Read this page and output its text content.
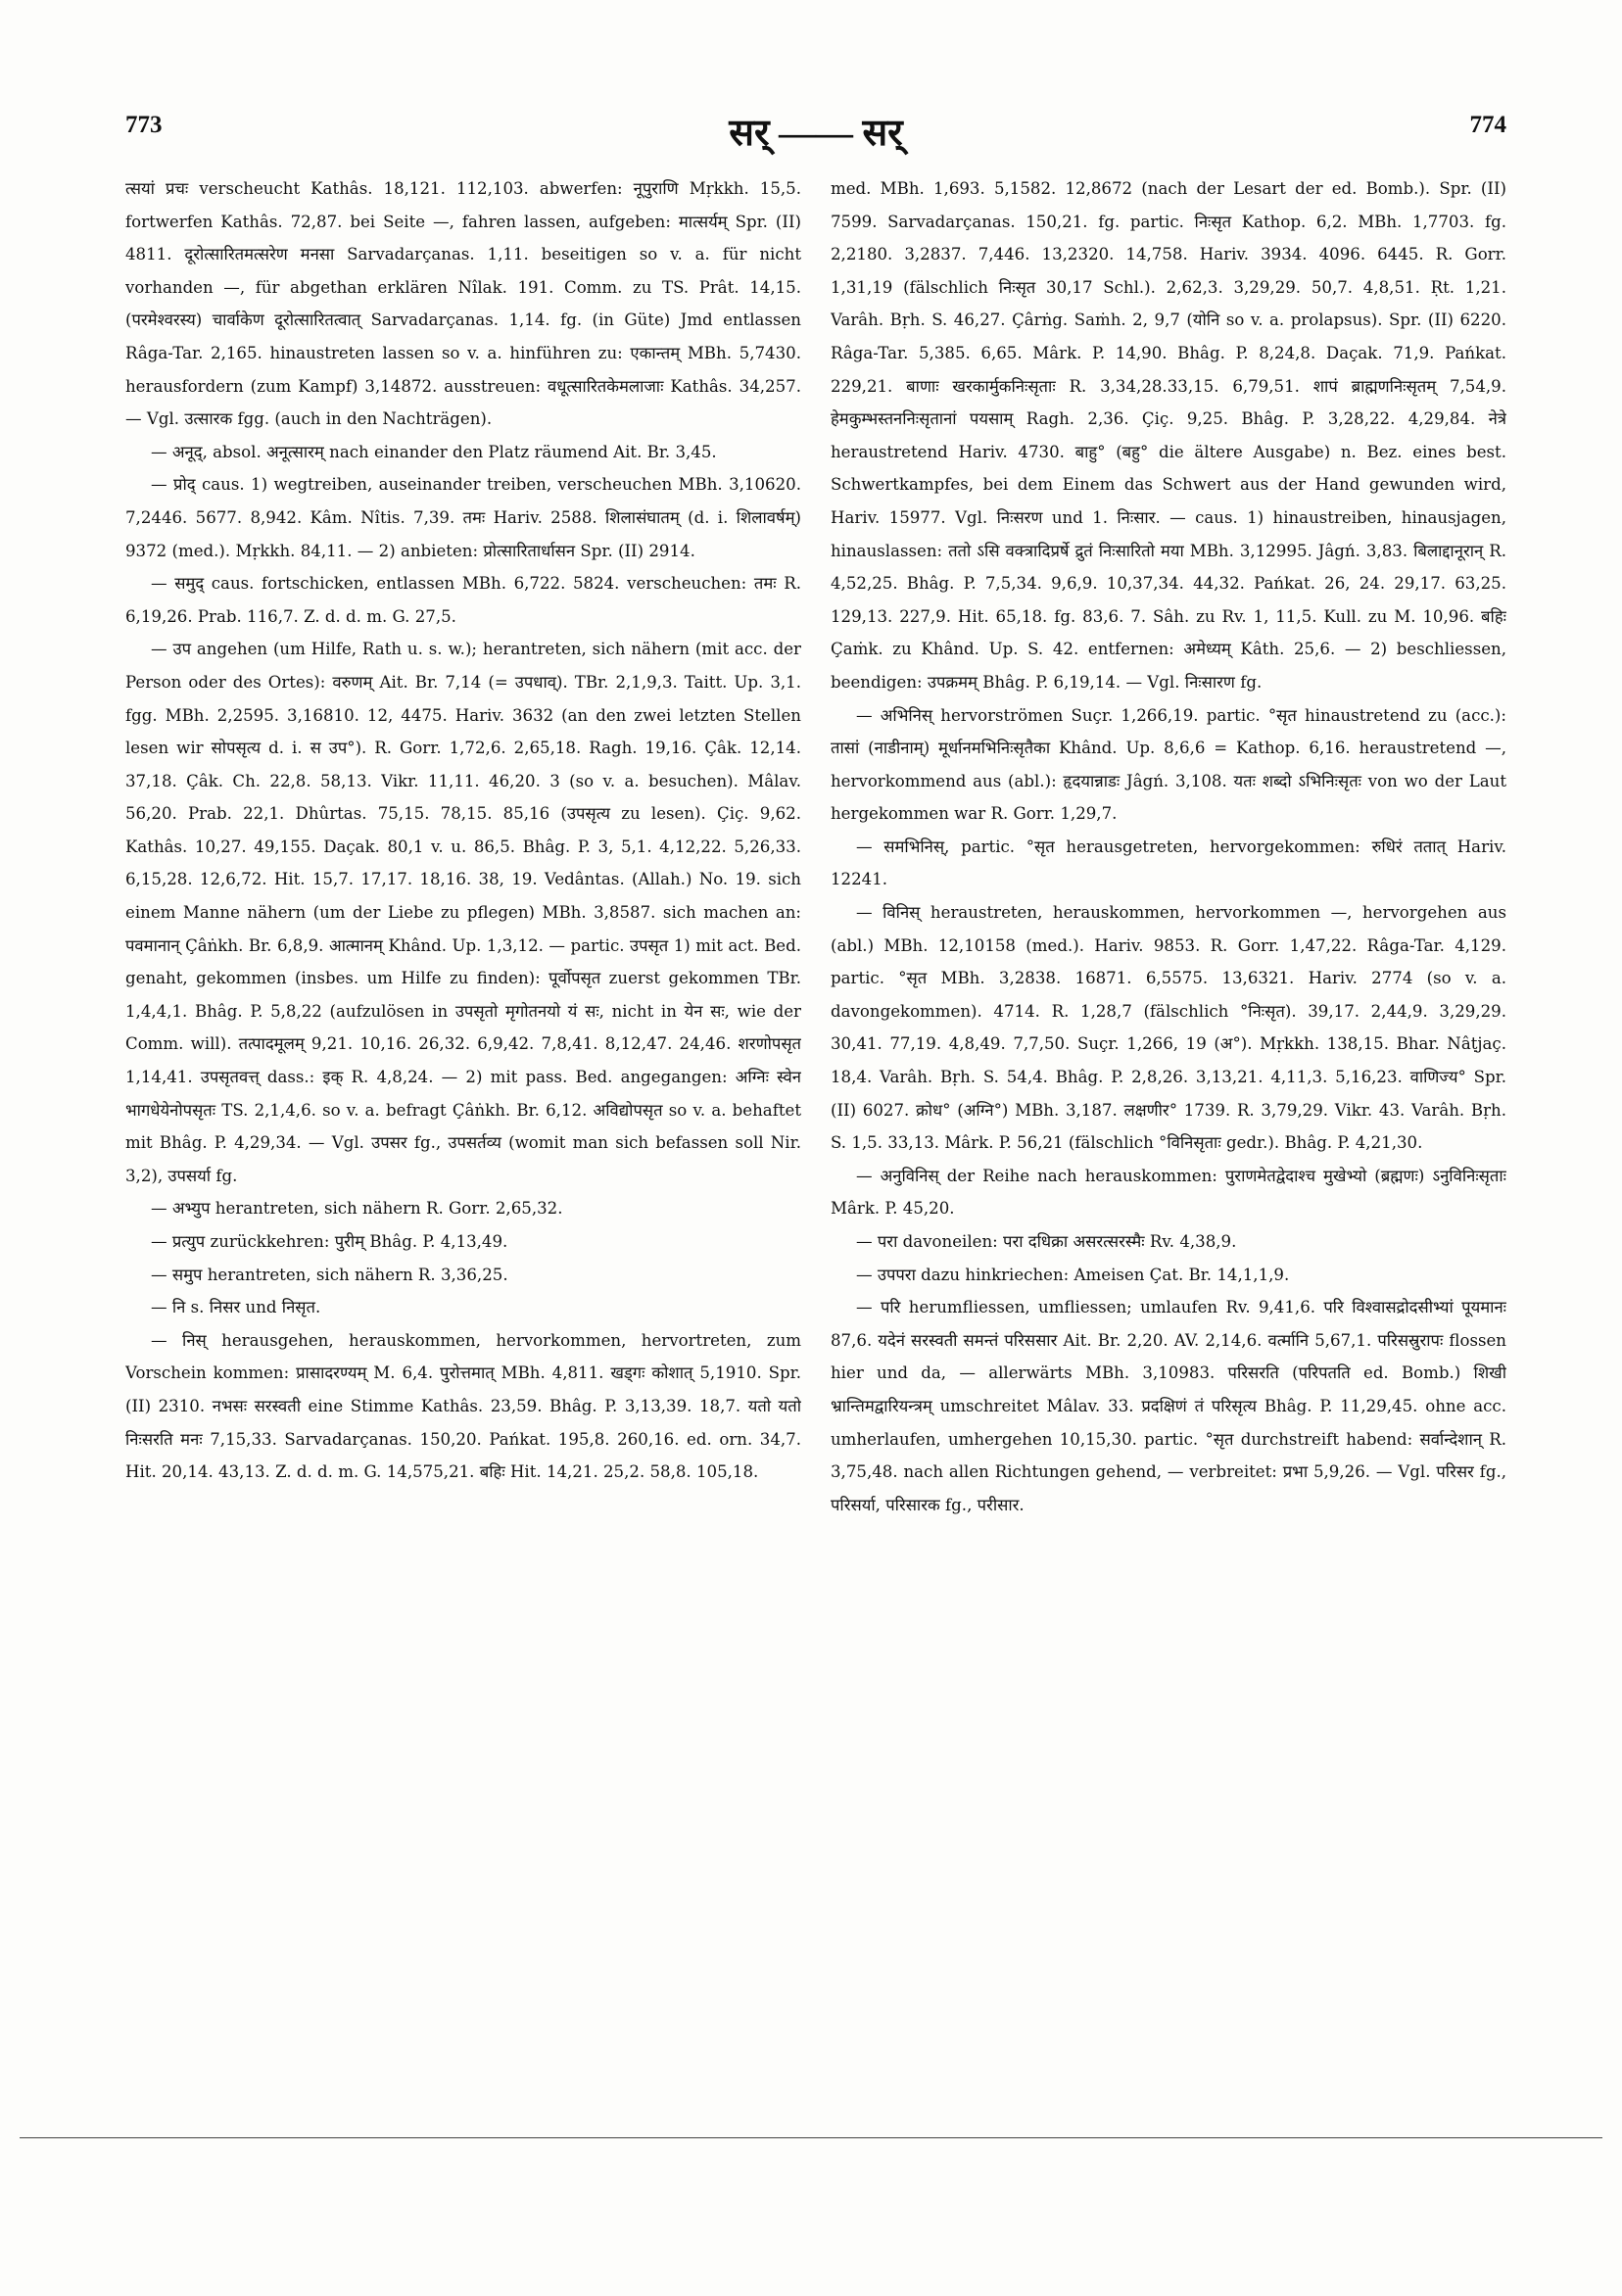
773	सर् —— सर्	774

त्सयां प्रचः verscheucht Kathâs. 18,121. 112,103. abwerfen: नूपुराणि Mṛkkh. 15,5. fortwerfen Kathâs. 72,87. bei Seite —, fahren lassen, aufgeben: मात्सर्यम् Spr. (II) 4811. दूरोत्सारितमत्सरेण मनसा Sarvadarçanas. 1,11. beseitigen so v. a. für nicht vorhanden —, für abgethan erklären Nîlak. 191. Comm. zu TS. Prât. 14,15. (परमेश्वरस्य) चार्वाकेण दूरोत्सारितत्वात् Sarvadarçanas. 1,14. fg. (in Güte) Jmd entlassen Râga-Tar. 2,165. hinaustreten lassen so v. a. hinführen zu: एकान्तम् MBh. 5,7430. herausfordern (zum Kampf) 3,14872. ausstreuen: वधूत्सारितकेमलाजाः Kathâs. 34,257. — Vgl. उत्सारक fgg. (auch in den Nachträgen).

— अनूद्, absol. अनूत्सारम् nach einander den Platz räumend Ait. Br. 3,45.

— प्रोद् caus. 1) wegtreiben, auseinander treiben, verscheuchen MBh. 3,10620. 7,2446. 5677. 8,942. Kâm. Nîtis. 7,39. तमः Hariv. 2588. शिलासंघातम् (d. i. शिलावर्षम्) 9372 (med.). Mṛkkh. 84,11. — 2) anbieten: प्रोत्सारितार्धासन Spr. (II) 2914.

— समुद् caus. fortschicken, entlassen MBh. 6,722. 5824. verscheuchen: तमः R. 6,19,26. Prab. 116,7. Z. d. d. m. G. 27,5.

— उप angehen (um Hilfe, Rath u. s. w.); herantreten, sich nähern (mit acc. der Person oder des Ortes): वरुणम् Ait. Br. 7,14 (= उपधाव्). TBr. 2,1,9,3. Taitt. Up. 3,1. fgg. MBh. 2,2595. 3,16810. 12, 4475. Hariv. 3632 (an den zwei letzten Stellen lesen wir सोपसृत्य d. i. स उप°). R. Gorr. 1,72,6. 2,65,18. Ragh. 19,16. Çâk. 12,14. 37,18. Çâk. Ch. 22,8. 58,13. Vikr. 11,11. 46,20. 3 (so v. a. besuchen). Mâlav. 56,20. Prab. 22,1. Dhûrtas. 75,15. 78,15. 85,16 (उपसृत्य zu lesen). Çiç. 9,62. Kathâs. 10,27. 49,155. Daçak. 80,1 v. u. 86,5. Bhâg. P. 3, 5,1. 4,12,22. 5,26,33. 6,15,28. 12,6,72. Hit. 15,7. 17,17. 18,16. 38, 19. Vedântas. (Allah.) No. 19. sich einem Manne nähern (um der Liebe zu pflegen) MBh. 3,8587. sich machen an: पवमानान् Çâṅkh. Br. 6,8,9. आत्मानम् Khând. Up. 1,3,12. — partic. उपसृत 1) mit act. Bed. genaht, gekommen (insbes. um Hilfe zu finden): पूर्वोपसृत zuerst gekommen TBr. 1,4,4,1. Bhâg. P. 5,8,22 (aufzulösen in उपसृतो मृगोतनयो यं सः, nicht in येन सः, wie der Comm. will). तत्पादमूलम् 9,21. 10,16. 26,32. 6,9,42. 7,8,41. 8,12,47. 24,46. शरणोपसृत 1,14,41. उपसृतवत्त् dass.: इक् R. 4,8,24. — 2) mit pass. Bed. angegangen: अग्निः स्वेन भागधेयेनोपसृतः TS. 2,1,4,6. so v. a. befragt Çâṅkh. Br. 6,12. अविद्योपसृत so v. a. behaftet mit Bhâg. P. 4,29,34. — Vgl. उपसर fg., उपसर्तव्य (womit man sich befassen soll Nir. 3,2), उपसर्या fg.

— अभ्युप herantreten, sich nähern R. Gorr. 2,65,32.

— प्रत्युप zurückkehren: पुरीम् Bhâg. P. 4,13,49.

— समुप herantreten, sich nähern R. 3,36,25.

— नि s. निसर und निसृत.

— निस् herausgehen, herauskommen, hervorkommen, hervortreten, zum Vorschein kommen: प्रासादरण्यम् M. 6,4. पुरोत्तमात् MBh. 4,811. खड्गः कोशात् 5,1910. Spr. (II) 2310. नभसः सरस्वती eine Stimme Kathâs. 23,59. Bhâg. P. 3,13,39. 18,7. यतो यतो निःसरति मनः 7,15,33. Sarvadarçanas. 150,20. Pańkat. 195,8. 260,16. ed. orn. 34,7. Hit. 20,14. 43,13. Z. d. d. m. G. 14,575,21. बहिः Hit. 14,21. 25,2. 58,8. 105,18.

med. MBh. 1,693. 5,1582. 12,8672 (nach der Lesart der ed. Bomb.). Spr. (II) 7599. Sarvadarçanas. 150,21. fg. partic. निःसृत Kathop. 6,2. MBh. 1,7703. fg. 2,2180. 3,2837. 7,446. 13,2320. 14,758. Hariv. 3934. 4096. 6445. R. Gorr. 1,31,19 (fälschlich निःसृत 30,17 Schl.). 2,62,3. 3,29,29. 50,7. 4,8,51. Ṛt. 1,21. Varâh. Bṛh. S. 46,27. Çârṅg. Saṁh. 2, 9,7 (योनि so v. a. prolapsus). Spr. (II) 6220. Râga-Tar. 5,385. 6,65. Mârk. P. 14,90. Bhâg. P. 8,24,8. Daçak. 71,9. Pańkat. 229,21. बाणाः खरकार्मुकनिःसृताः R. 3,34,28.33,15. 6,79,51. शापं ब्राह्मणनिःसृतम् 7,54,9. हेमकुम्भस्तननिःसृतानां पयसाम् Ragh. 2,36. Çiç. 9,25. Bhâg. P. 3,28,22. 4,29,84. नेत्रे heraustretend Hariv. 4730. बाहु° (बहु° die ältere Ausgabe) n. Bez. eines best. Schwertkampfes, bei dem Einem das Schwert aus der Hand gewunden wird, Hariv. 15977. Vgl. निःसरण und 1. निःसार. — caus. 1) hinaustreiben, hinausjagen, hinauslassen: ततो ऽसि वक्त्रादिप्रर्षे द्रुतं निःसारितो मया MBh. 3,12995. Jâgń. 3,83. बिलाद्दानूरान् R. 4,52,25. Bhâg. P. 7,5,34. 9,6,9. 10,37,34. 44,32. Pańkat. 26, 24. 29,17. 63,25. 129,13. 227,9. Hit. 65,18. fg. 83,6. 7. Sâh. zu Rv. 1, 11,5. Kull. zu M. 10,96. बहिः Çaṁk. zu Khând. Up. S. 42. entfernen: अमेध्यम् Kâth. 25,6. — 2) beschliessen, beendigen: उपक्रमम् Bhâg. P. 6,19,14. — Vgl. निःसारण fg.

— अभिनिस् hervorströmen Suçr. 1,266,19. partic. °सृत hinaustretend zu (acc.): तासां (नाडीनाम्) मूर्धानमभिनिःसृतैका Khând. Up. 8,6,6 = Kathop. 6,16. heraustretend —, hervorkommend aus (abl.): हृदयान्नाडः Jâgń. 3,108. यतः शब्दो ऽभिनिःसृतः von wo der Laut hergekommen war R. Gorr. 1,29,7.

— समभिनिस्, partic. °सृत herausgetreten, hervorgekommen: रुधिरं ततात् Hariv. 12241.

— विनिस् heraustreten, herauskommen, hervorkommen —, hervorgehen aus (abl.) MBh. 12,10158 (med.). Hariv. 9853. R. Gorr. 1,47,22. Râga-Tar. 4,129. partic. °सृत MBh. 3,2838. 16871. 6,5575. 13,6321. Hariv. 2774 (so v. a. davongekommen). 4714. R. 1,28,7 (fälschlich °निःसृत). 39,17. 2,44,9. 3,29,29. 30,41. 77,19. 4,8,49. 7,7,50. Suçr. 1,266, 19 (अ°). Mṛkkh. 138,15. Bhar. Nâṭjaç. 18,4. Varâh. Bṛh. S. 54,4. Bhâg. P. 2,8,26. 3,13,21. 4,11,3. 5,16,23. वाणिज्य° Spr. (II) 6027. क्रोध° (अग्नि°) MBh. 3,187. लक्षणीर° 1739. R. 3,79,29. Vikr. 43. Varâh. Bṛh. S. 1,5. 33,13. Mârk. P. 56,21 (fälschlich °विनिसृताः gedr.). Bhâg. P. 4,21,30.

— अनुविनिस् der Reihe nach herauskommen: पुराणमेतद्वेदाश्च मुखेभ्यो (ब्रह्मणः) ऽनुविनिःसृताः Mârk. P. 45,20.

— परा davoneilen: परा दधिक्रा असरत्सरस्मैः Rv. 4,38,9.

— उपपरा dazu hinkriechen: Ameisen Çat. Br. 14,1,1,9.

— परि herumfliessen, umfliessen; umlaufen Rv. 9,41,6. परि विश्वासद्रोदसीभ्यां पूयमानः 87,6. यदेनं सरस्वती समन्तं परिससार Ait. Br. 2,20. AV. 2,14,6. वर्त्मानि 5,67,1. परिसस्रुरापः flossen hier und da, — allerwärts MBh. 3,10983. परिसरति (परिपतति ed. Bomb.) शिखी भ्रान्तिमद्वारियन्त्रम् umschreitet Mâlav. 33. प्रदक्षिणं तं परिसृत्य Bhâg. P. 11,29,45. ohne acc. umherlaufen, umhergehen 10,15,30. partic. °सृत durchstreift habend: सर्वान्देशान् R. 3,75,48. nach allen Richtungen gehend, — verbreitet: प्रभा 5,9,26. — Vgl. परिसर fg., परिसर्या, परिसारक fg., परीसार.
